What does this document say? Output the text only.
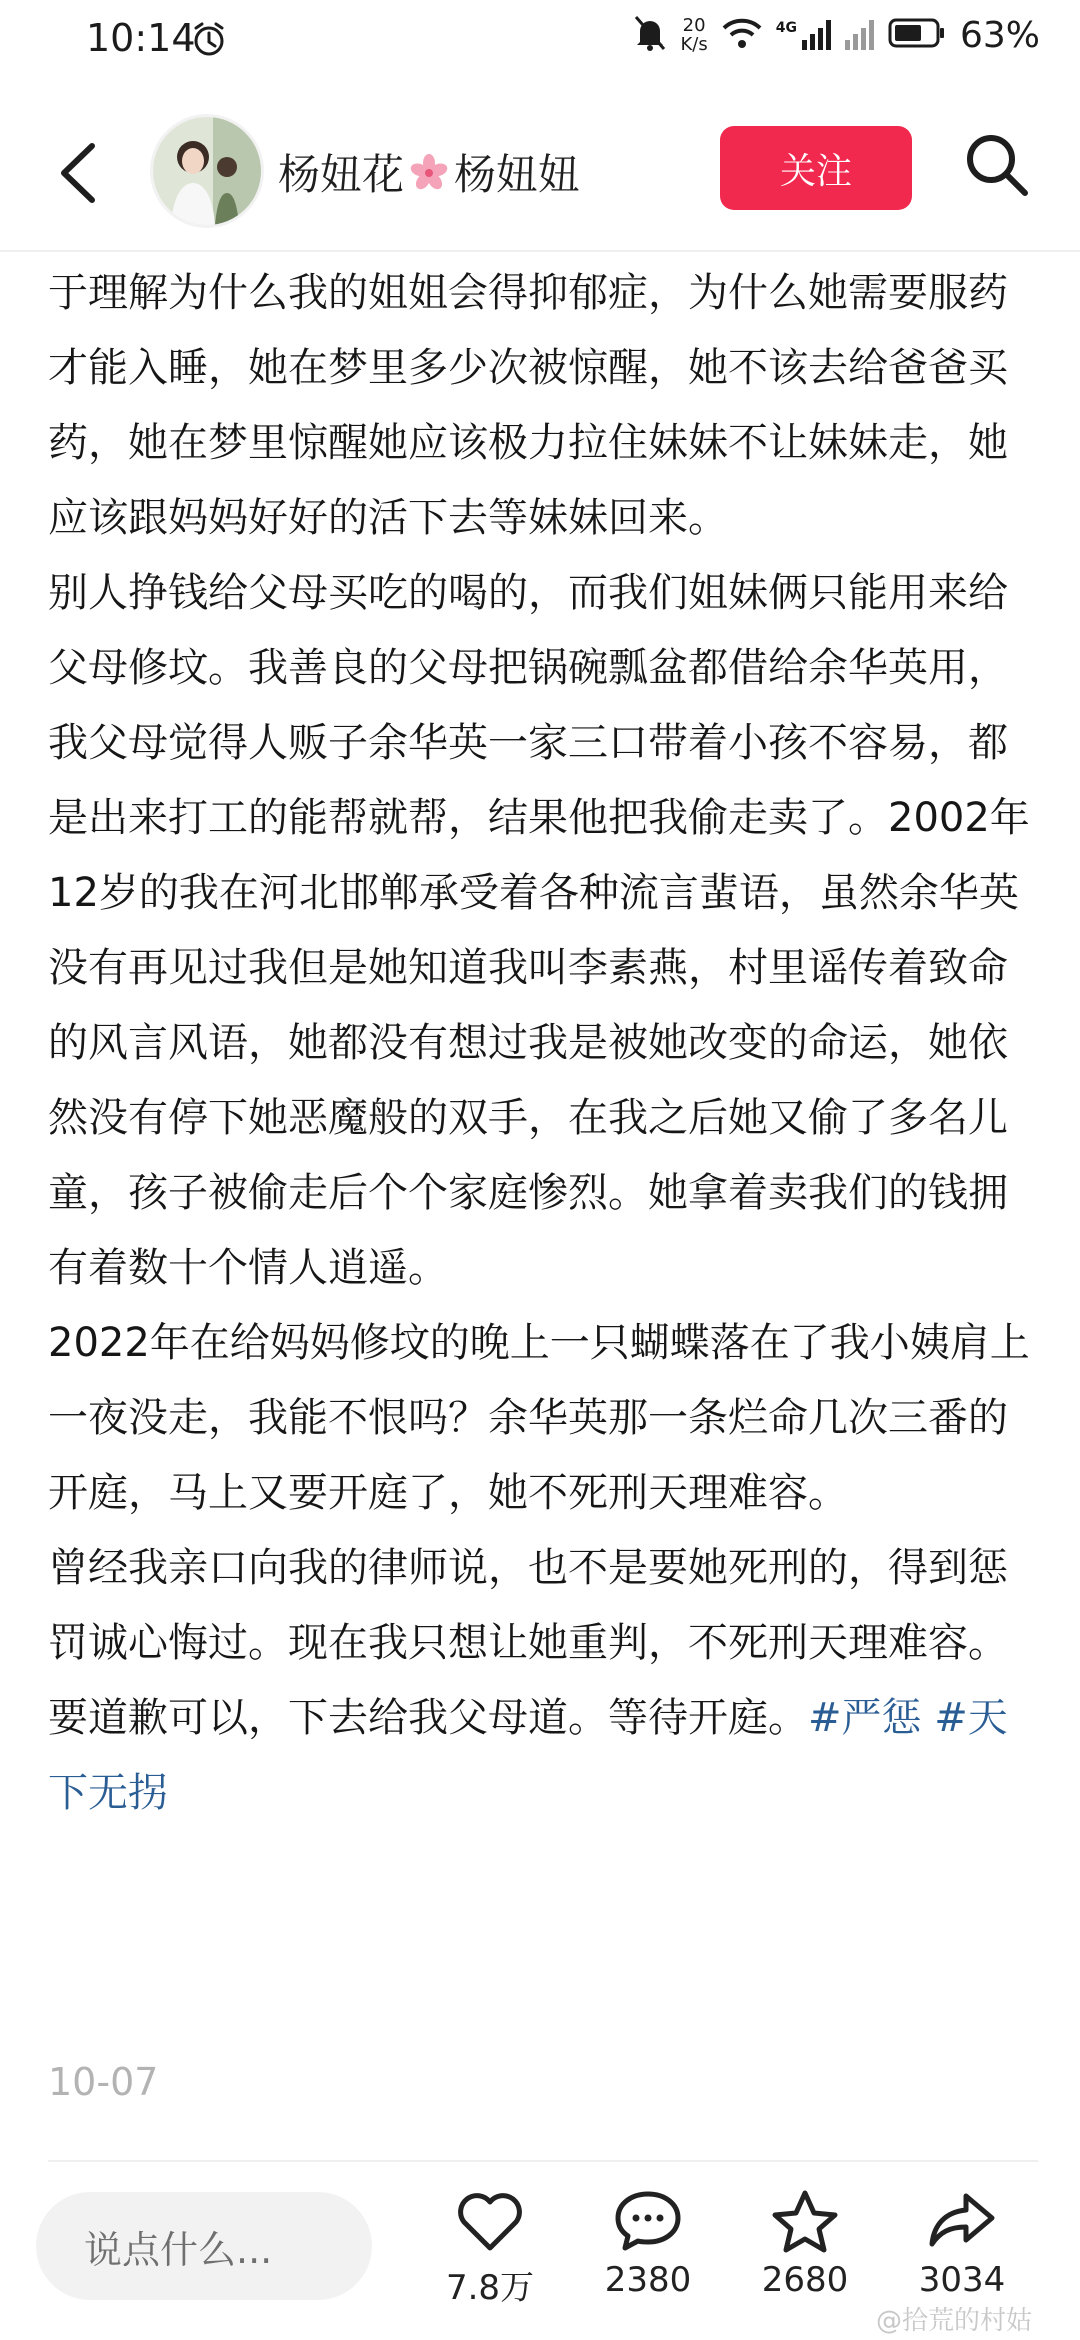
10:14	20
K/s
4G	63%
杨妞花 杨妞妞	关注

于理解为什么我的姐姐会得抑郁症，为什么她需要服药才能入睡，她在梦里多少次被惊醒，她不该去给爸爸买药，她在梦里惊醒她应该极力拉住妹妹不让妹妹走，她应该跟妈妈好好的活下去等妹妹回来。

别人挣钱给父母买吃的喝的，而我们姐妹俩只能用来给父母修坟。我善良的父母把锅碗瓢盆都借给余华英用，我父母觉得人贩子余华英一家三口带着小孩不容易，都是出来打工的能帮就帮，结果他把我偷走卖了。2002年12岁的我在河北邯郸承受着各种流言蜚语，虽然余华英没有再见过我但是她知道我叫李素燕，村里谣传着致命的风言风语，她都没有想过我是被她改变的命运，她依然没有停下她恶魔般的双手，在我之后她又偷了多名儿童，孩子被偷走后个个家庭惨烈。她拿着卖我们的钱拥有着数十个情人逍遥。

2022年在给妈妈修坟的晚上一只蝴蝶落在了我小姨肩上一夜没走，我能不恨吗？余华英那一条烂命几次三番的开庭，马上又要开庭了，她不死刑天理难容。

曾经我亲口向我的律师说，也不是要她死刑的，得到惩罚诚心悔过。现在我只想让她重判，不死刑天理难容。要道歉可以，下去给我父母道。等待开庭。#严惩 #天下无拐

10-07
说点什么...
7.8万	2380	2680	3034
@拾荒的村姑
